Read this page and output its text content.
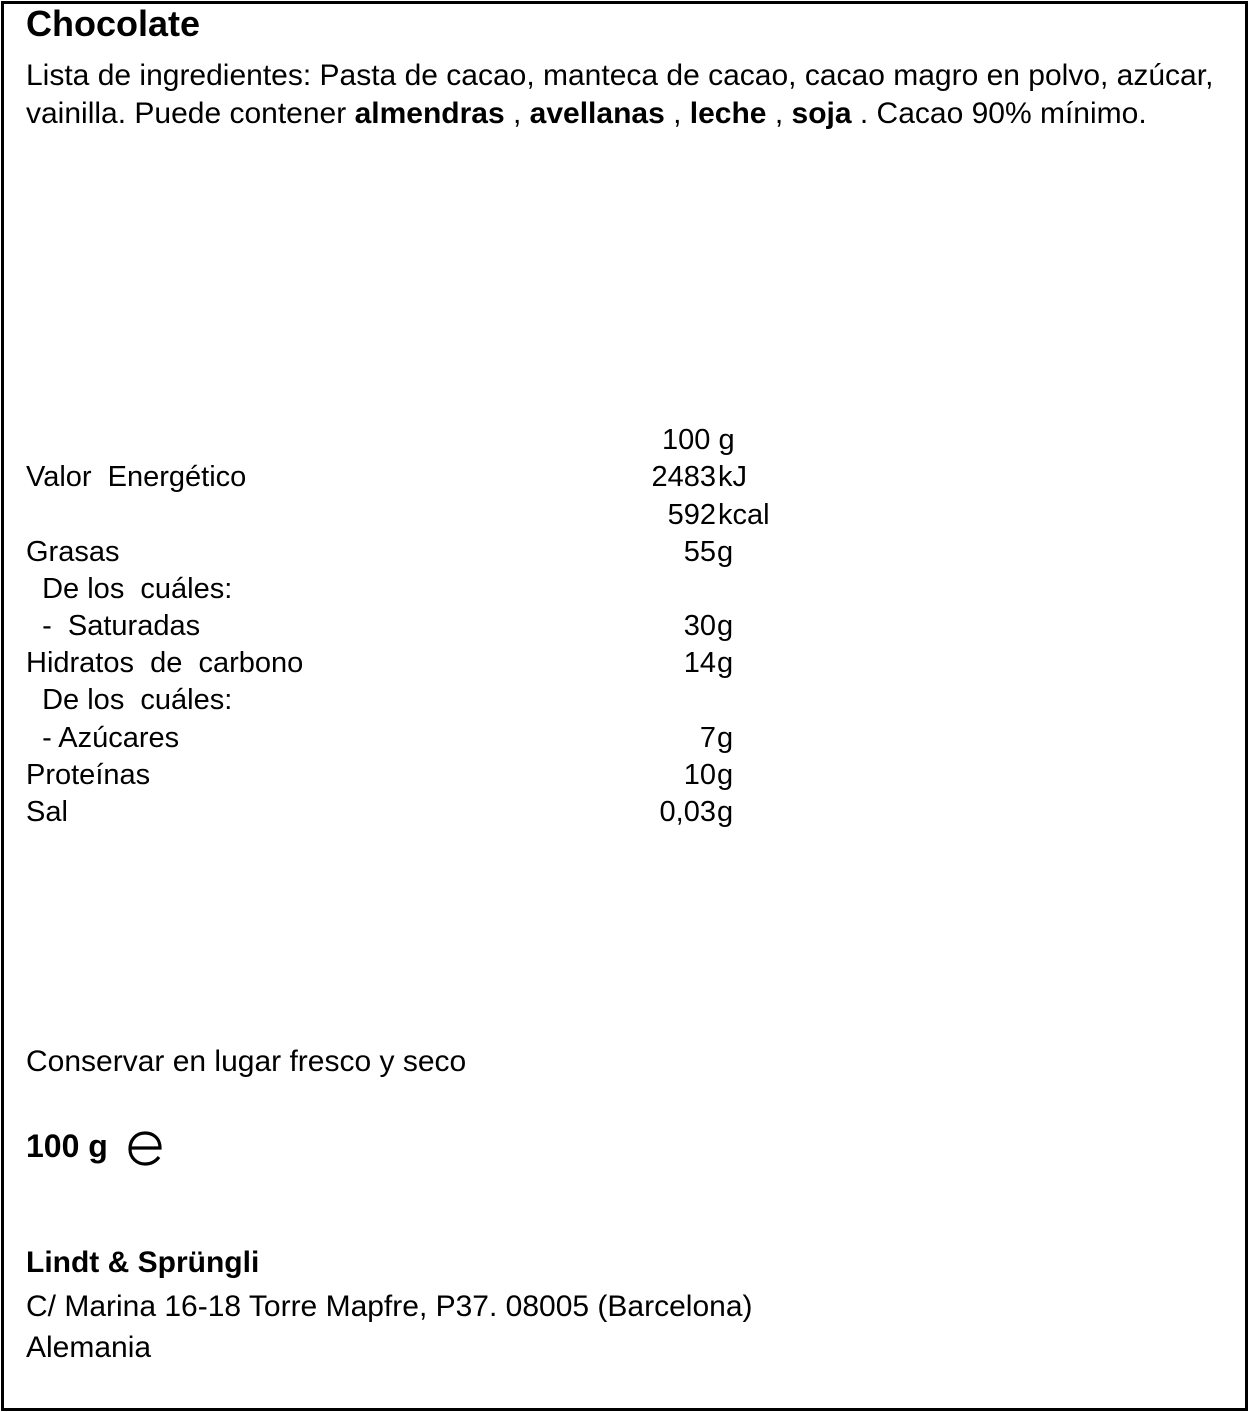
Chocolate
Lista de ingredientes: Pasta de cacao, manteca de cacao, cacao magro en polvo, azúcar, vainilla. Puede contener almendras , avellanas , leche , soja . Cacao 90% mínimo.
100 g
Valor  Energético	2483 kJ
592 kcal
Grasas	55 g
De los  cuáles:
-  Saturadas	30 g
Hidratos  de  carbono	14 g
De los  cuáles:
- Azúcares	7 g
Proteínas	10 g
Sal	0,03 g
Conservar en lugar fresco y seco
100 g
Lindt & Sprüngli
C/ Marina 16-18 Torre Mapfre, P37. 08005 (Barcelona)
Alemania
